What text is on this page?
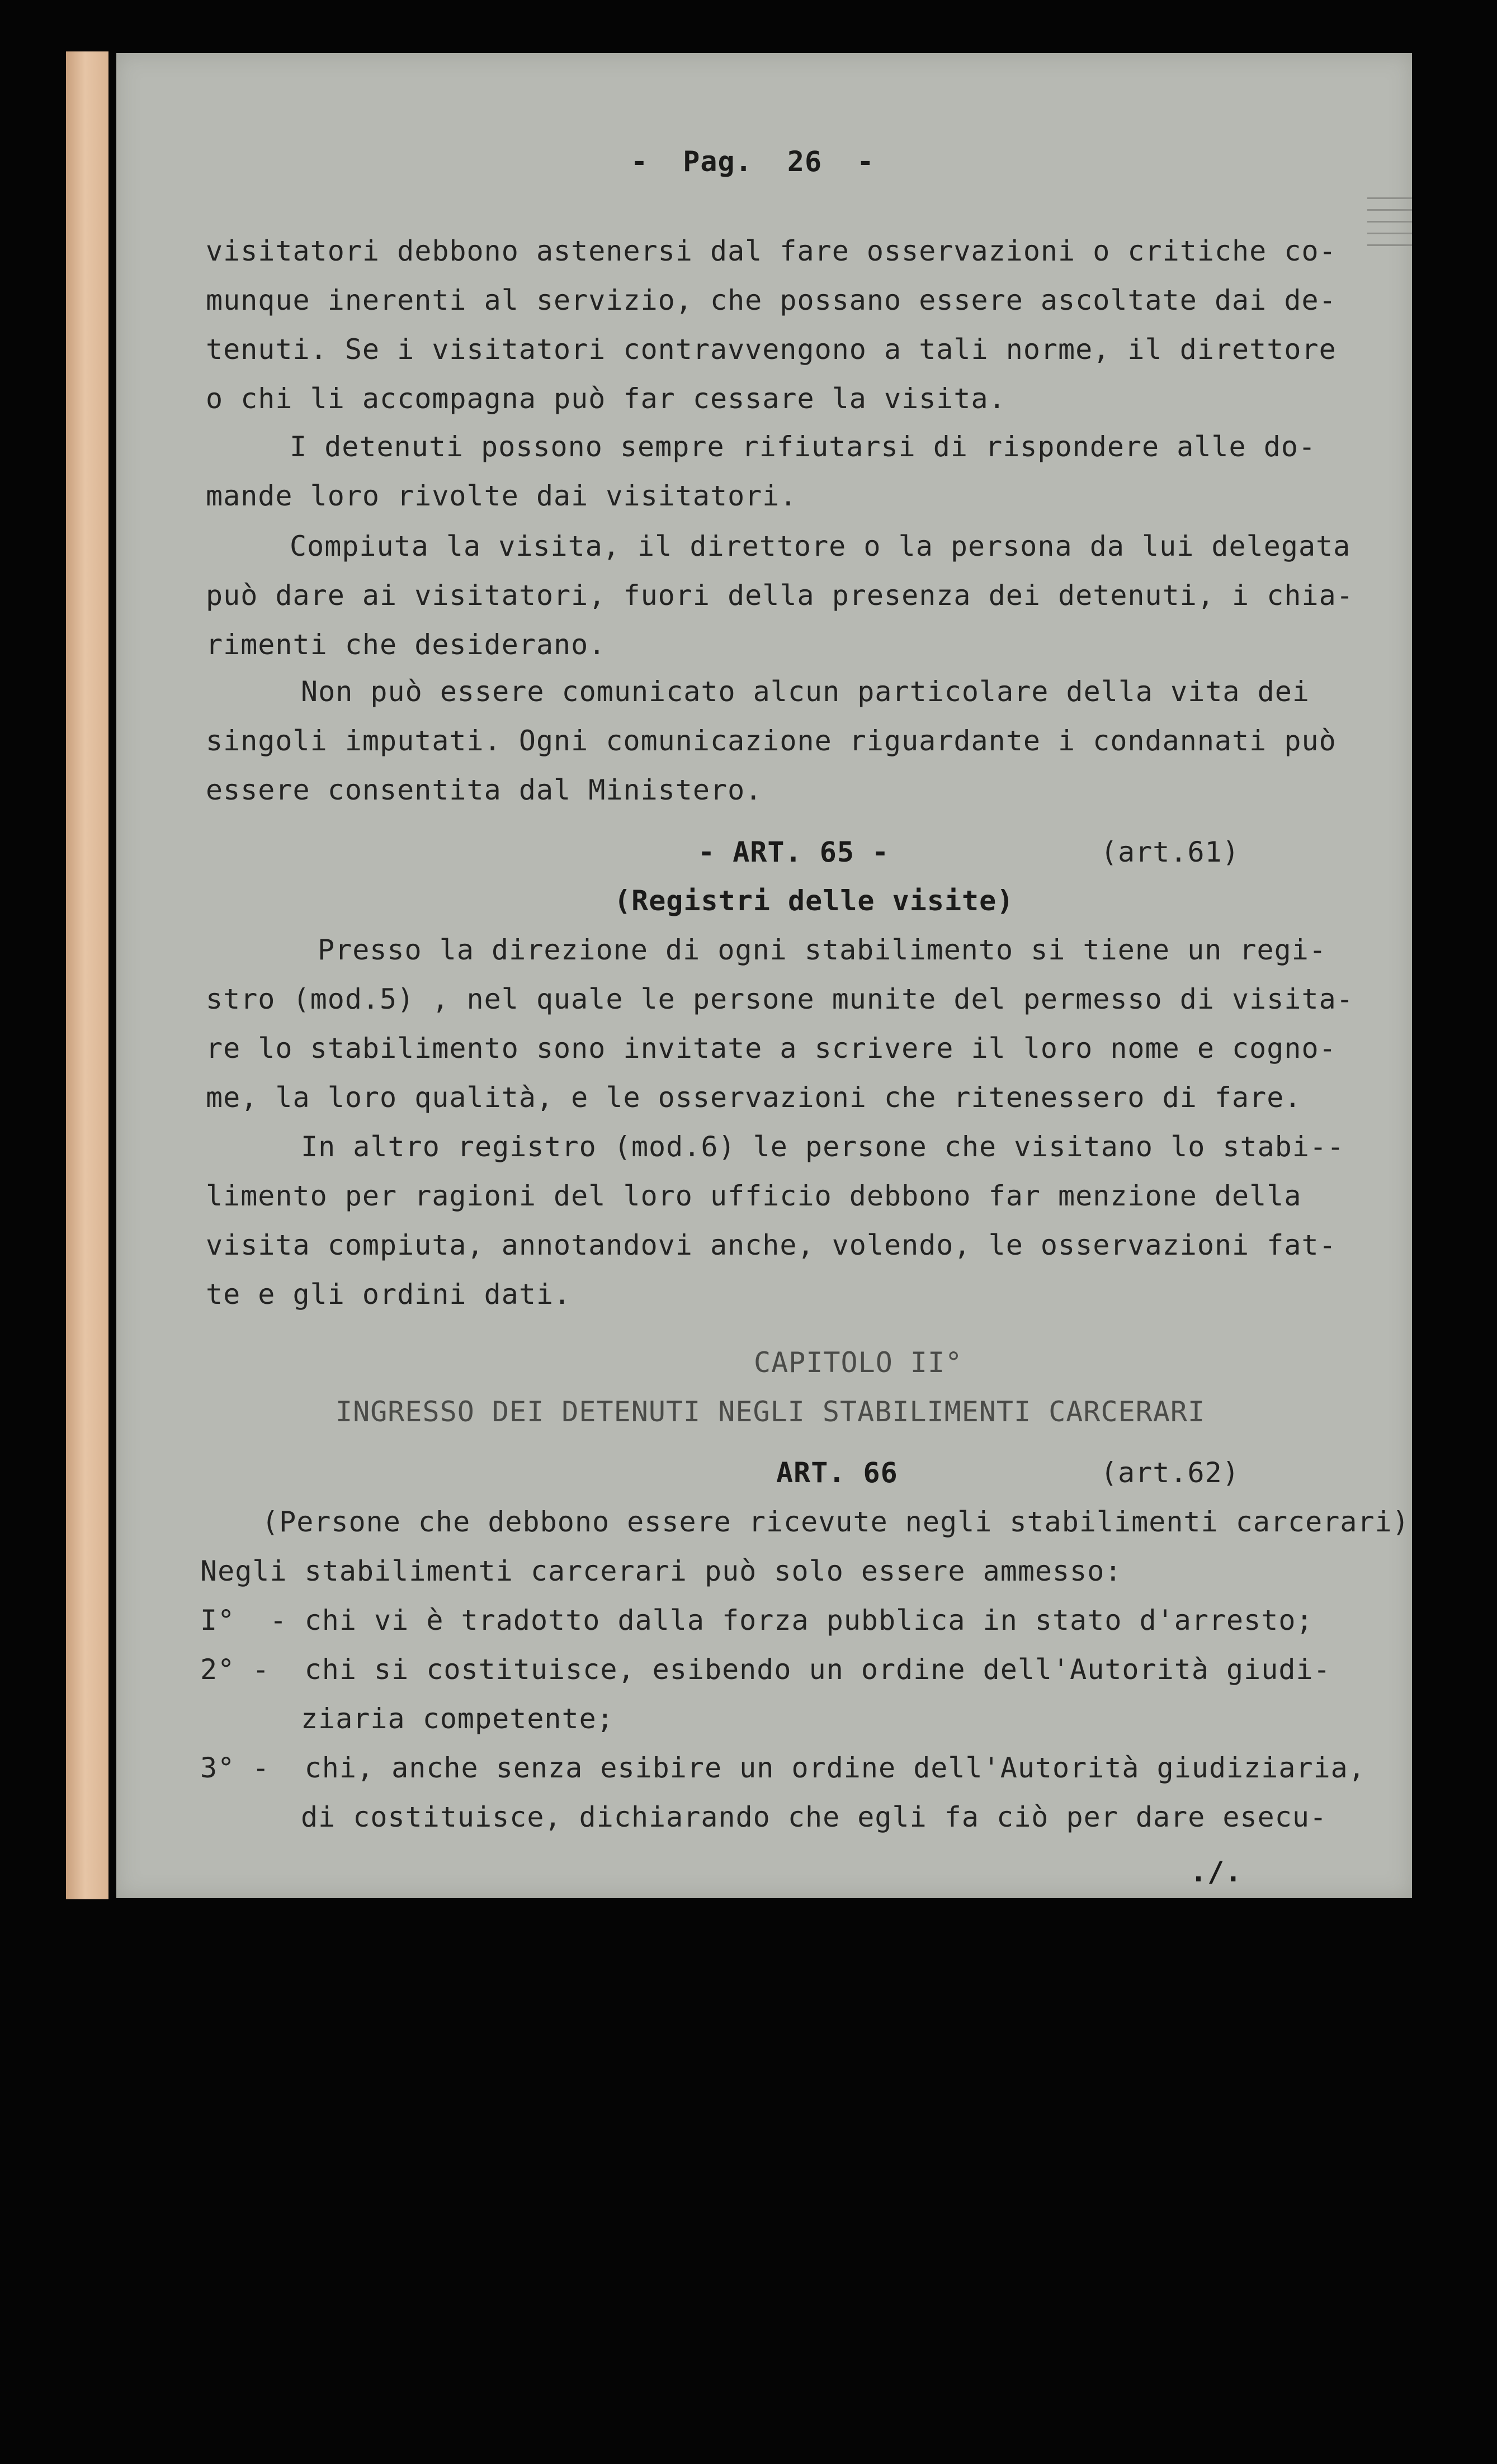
-  Pag.  26  -

visitatori debbono astenersi dal fare osservazioni o critiche co-

munque inerenti al servizio, che possano essere ascoltate dai de-

tenuti. Se i visitatori contravvengono a tali norme, il direttore

o chi li accompagna può far cessare la visita.

I detenuti possono sempre rifiutarsi di rispondere alle do-

mande loro rivolte dai visitatori.

Compiuta la visita, il direttore o la persona da lui delegata

può dare ai visitatori, fuori della presenza dei detenuti, i chia-

rimenti che desiderano.

Non può essere comunicato alcun particolare della vita dei

singoli imputati. Ogni comunicazione riguardante i condannati può

essere consentita dal Ministero.

- ART. 65 -

	(art.61)

(Registri delle visite)

Presso la direzione di ogni stabilimento si tiene un regi-

stro (mod.5) , nel quale le persone munite del permesso di visita-

re lo stabilimento sono invitate a scrivere il loro nome e cogno-

me, la loro qualità, e le osservazioni che ritenessero di fare.

In altro registro (mod.6) le persone che visitano lo stabi--

limento per ragioni del loro ufficio debbono far menzione della

visita compiuta, annotandovi anche, volendo, le osservazioni fat-

te e gli ordini dati.

CAPITOLO II°

INGRESSO DEI DETENUTI NEGLI STABILIMENTI CARCERARI

ART. 66

	(art.62)

(Persone che debbono essere ricevute negli stabilimenti carcerari)

Negli stabilimenti carcerari può solo essere ammesso:

I°  - chi vi è tradotto dalla forza pubblica in stato d'arresto;

2° -  chi si costituisce, esibendo un ordine dell'Autorità giudi-

ziaria competente;

3° -  chi, anche senza esibire un ordine dell'Autorità giudiziaria,

di costituisce, dichiarando che egli fa ciò per dare esecu-

./.
